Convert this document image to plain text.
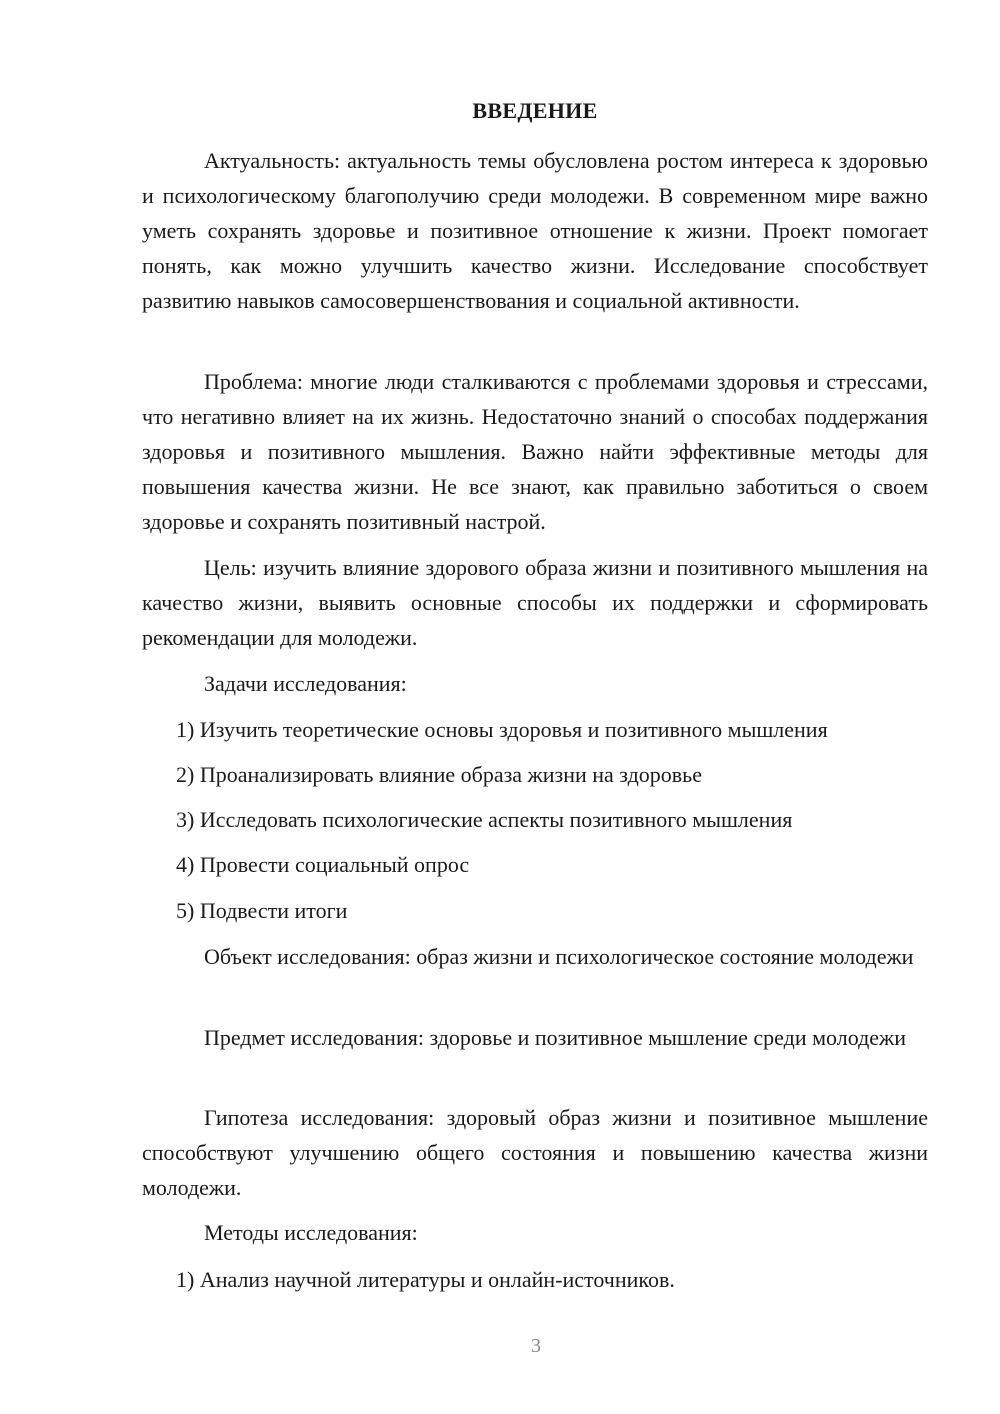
ВВЕДЕНИЕ

Актуальность: актуальность темы обусловлена ростом интереса к здоровью и психологическому благополучию среди молодежи. В современном мире важно уметь сохранять здоровье и позитивное отношение к жизни. Проект помогает понять, как можно улучшить качество жизни. Исследование способствует развитию навыков самосовершенствования и социальной активности.

Проблема: многие люди сталкиваются с проблемами здоровья и стрессами, что негативно влияет на их жизнь. Недостаточно знаний о способах поддержания здоровья и позитивного мышления. Важно найти эффективные методы для повышения качества жизни. Не все знают, как правильно заботиться о своем здоровье и сохранять позитивный настрой.

Цель: изучить влияние здорового образа жизни и позитивного мышления на качество жизни, выявить основные способы их поддержки и сформировать рекомендации для молодежи.

Задачи исследования:

1) Изучить теоретические основы здоровья и позитивного мышления

2) Проанализировать влияние образа жизни на здоровье

3) Исследовать психологические аспекты позитивного мышления

4) Провести социальный опрос

5) Подвести итоги

Объект исследования: образ жизни и психологическое состояние молодежи

Предмет исследования: здоровье и позитивное мышление среди молодежи

Гипотеза исследования: здоровый образ жизни и позитивное мышление способствуют улучшению общего состояния и повышению качества жизни молодежи.

Методы исследования:

1) Анализ научной литературы и онлайн-источников.

3
